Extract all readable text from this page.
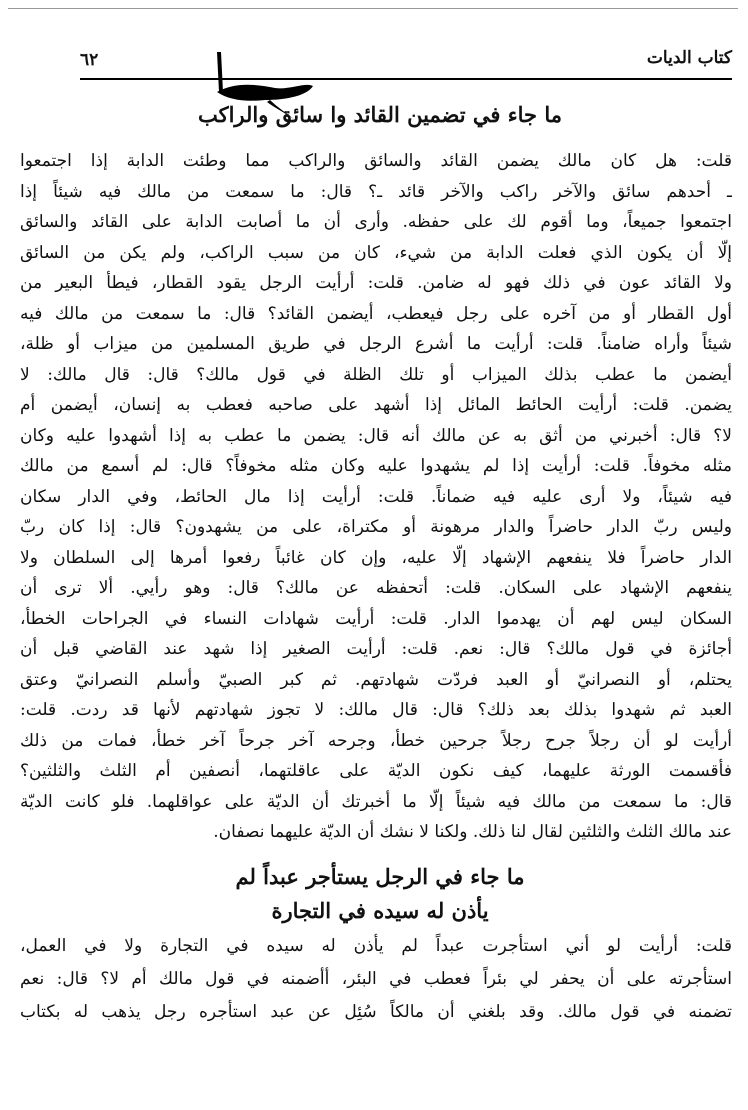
كتاب الديات
٦٢
ما جاء في تضمين القائد وا سائق والراكب
قلت: هل كان مالك يضمن القائد والسائق والراكب مما وطئت الدابة إذا اجتمعوا
ـ أحدهم سائق والآخر راكب والآخر قائد ـ؟ قال: ما سمعت من مالك فيه شيئاً إذا
اجتمعوا جميعاً، وما أقوم لك على حفظه. وأرى أن ما أصابت الدابة على القائد والسائق
إلّا أن يكون الذي فعلت الدابة من شيء، كان من سبب الراكب، ولم يكن من السائق
ولا القائد عون في ذلك فهو له ضامن. قلت: أرأيت الرجل يقود القطار، فيطأ البعير من
أول القطار أو من آخره على رجل فيعطب، أيضمن القائد؟ قال: ما سمعت من مالك فيه
شيئاً وأراه ضامناً. قلت: أرأيت ما أشرع الرجل في طريق المسلمين من ميزاب أو ظلة،
أيضمن ما عطب بذلك الميزاب أو تلك الظلة في قول مالك؟ قال: قال مالك: لا
يضمن. قلت: أرأيت الحائط المائل إذا أشهد على صاحبه فعطب به إنسان، أيضمن أم
لا؟ قال: أخبرني من أثق به عن مالك أنه قال: يضمن ما عطب به إذا أشهدوا عليه وكان
مثله مخوفاً. قلت: أرأيت إذا لم يشهدوا عليه وكان مثله مخوفاً؟ قال: لم أسمع من مالك
فيه شيئاً، ولا أرى عليه فيه ضماناً. قلت: أرأيت إذا مال الحائط، وفي الدار سكان
وليس ربّ الدار حاضراً والدار مرهونة أو مكتراة، على من يشهدون؟ قال: إذا كان ربّ
الدار حاضراً فلا ينفعهم الإشهاد إلّا عليه، وإن كان غائباً رفعوا أمرها إلى السلطان ولا
ينفعهم الإشهاد على السكان. قلت: أتحفظه عن مالك؟ قال: وهو رأيي. ألا ترى أن
السكان ليس لهم أن يهدموا الدار. قلت: أرأيت شهادات النساء في الجراحات الخطأ،
أجائزة في قول مالك؟ قال: نعم. قلت: أرأيت الصغير إذا شهد عند القاضي قبل أن
يحتلم، أو النصرانيّ أو العبد فردّت شهادتهم. ثم كبر الصبيّ وأسلم النصرانيّ وعتق
العبد ثم شهدوا بذلك بعد ذلك؟ قال: قال مالك: لا تجوز شهادتهم لأنها قد ردت. قلت:
أرأيت لو أن رجلاً جرح رجلاً جرحين خطأ، وجرحه آخر جرحاً آخر خطأ، فمات من ذلك
فأقسمت الورثة عليهما، كيف نكون الديّة على عاقلتهما، أنصفين أم الثلث والثلثين؟
قال: ما سمعت من مالك فيه شيئاً إلّا ما أخبرتك أن الديّة على عواقلهما. فلو كانت الديّة
عند مالك الثلث والثلثين لقال لنا ذلك. ولكنا لا نشك أن الديّة عليهما نصفان.
ما جاء في الرجل يستأجر عبداً لم
يأذن له سيده في التجارة
قلت: أرأيت لو أني استأجرت عبداً لم يأذن له سيده في التجارة ولا في العمل،
استأجرته على أن يحفر لي بئراً فعطب في البئر، أأضمنه في قول مالك أم لا؟ قال: نعم
تضمنه في قول مالك. وقد بلغني أن مالكاً سُئِل عن عبد استأجره رجل يذهب له بكتاب
